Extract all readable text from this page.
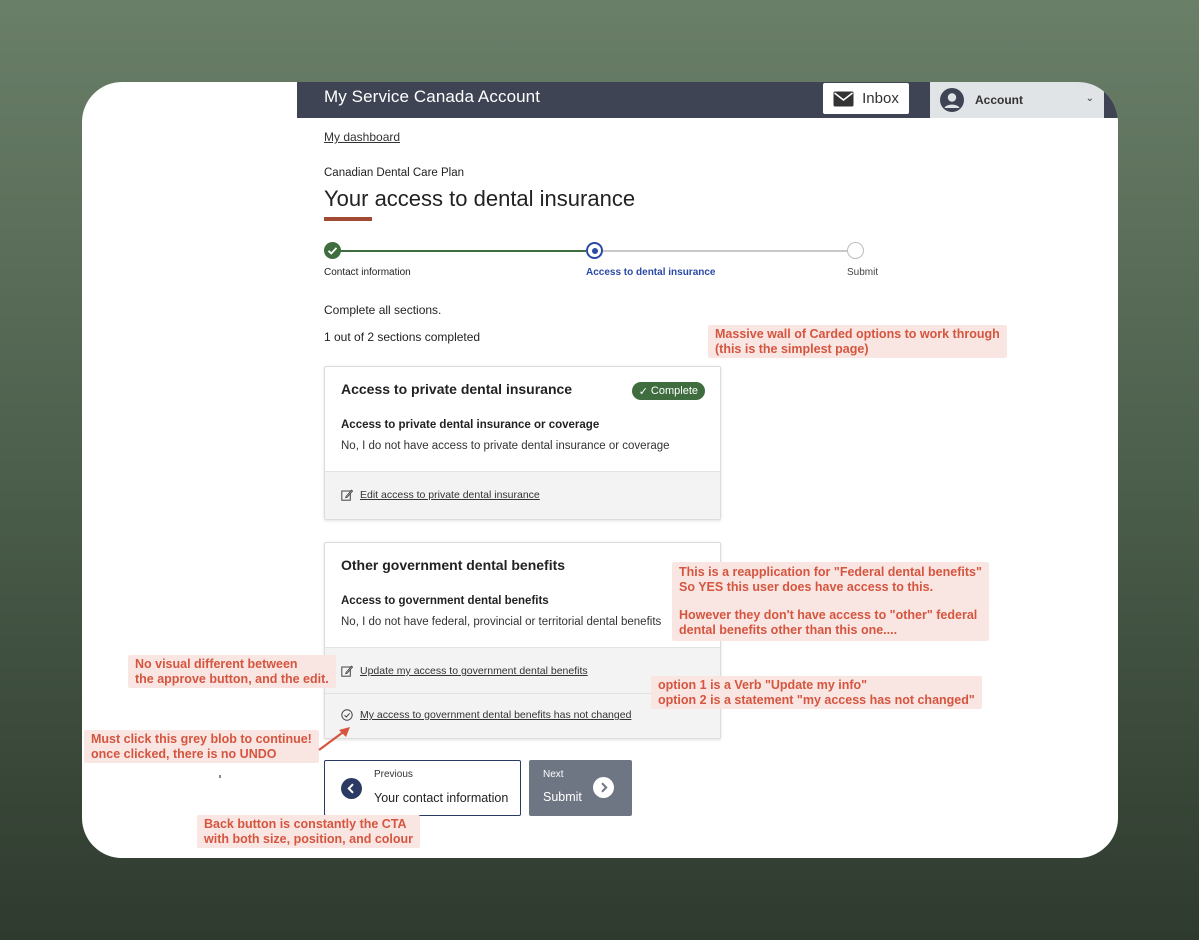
My Service Canada Account	Inbox	Account	⌄
My dashboard
Canadian Dental Care Plan
Your access to dental insurance
Contact information	Access to dental insurance	Submit
Complete all sections.
1 out of 2 sections completed
Access to private dental insurance	✓ Complete
Access to private dental insurance or coverage
No, I do not have access to private dental insurance or coverage
Edit access to private dental insurance
Other government dental benefits
Access to government dental benefits
No, I do not have federal, provincial or territorial dental benefits
Update my access to government dental benefits
My access to government dental benefits has not changed
Previous
Your contact information
Next
Submit
Massive wall of Carded options to work through
(this is the simplest page)
This is a reapplication for "Federal dental benefits"
So YES this user does have access to this.
However they don't have access to "other" federal
dental benefits other than this one....
No visual different between
the approve button, and the edit.	option 1 is a Verb "Update my info"
option 2 is a statement "my access has not changed"
Must click this grey blob to continue!
once clicked, there is no UNDO
Back button is constantly the CTA
with both size, position, and colour
